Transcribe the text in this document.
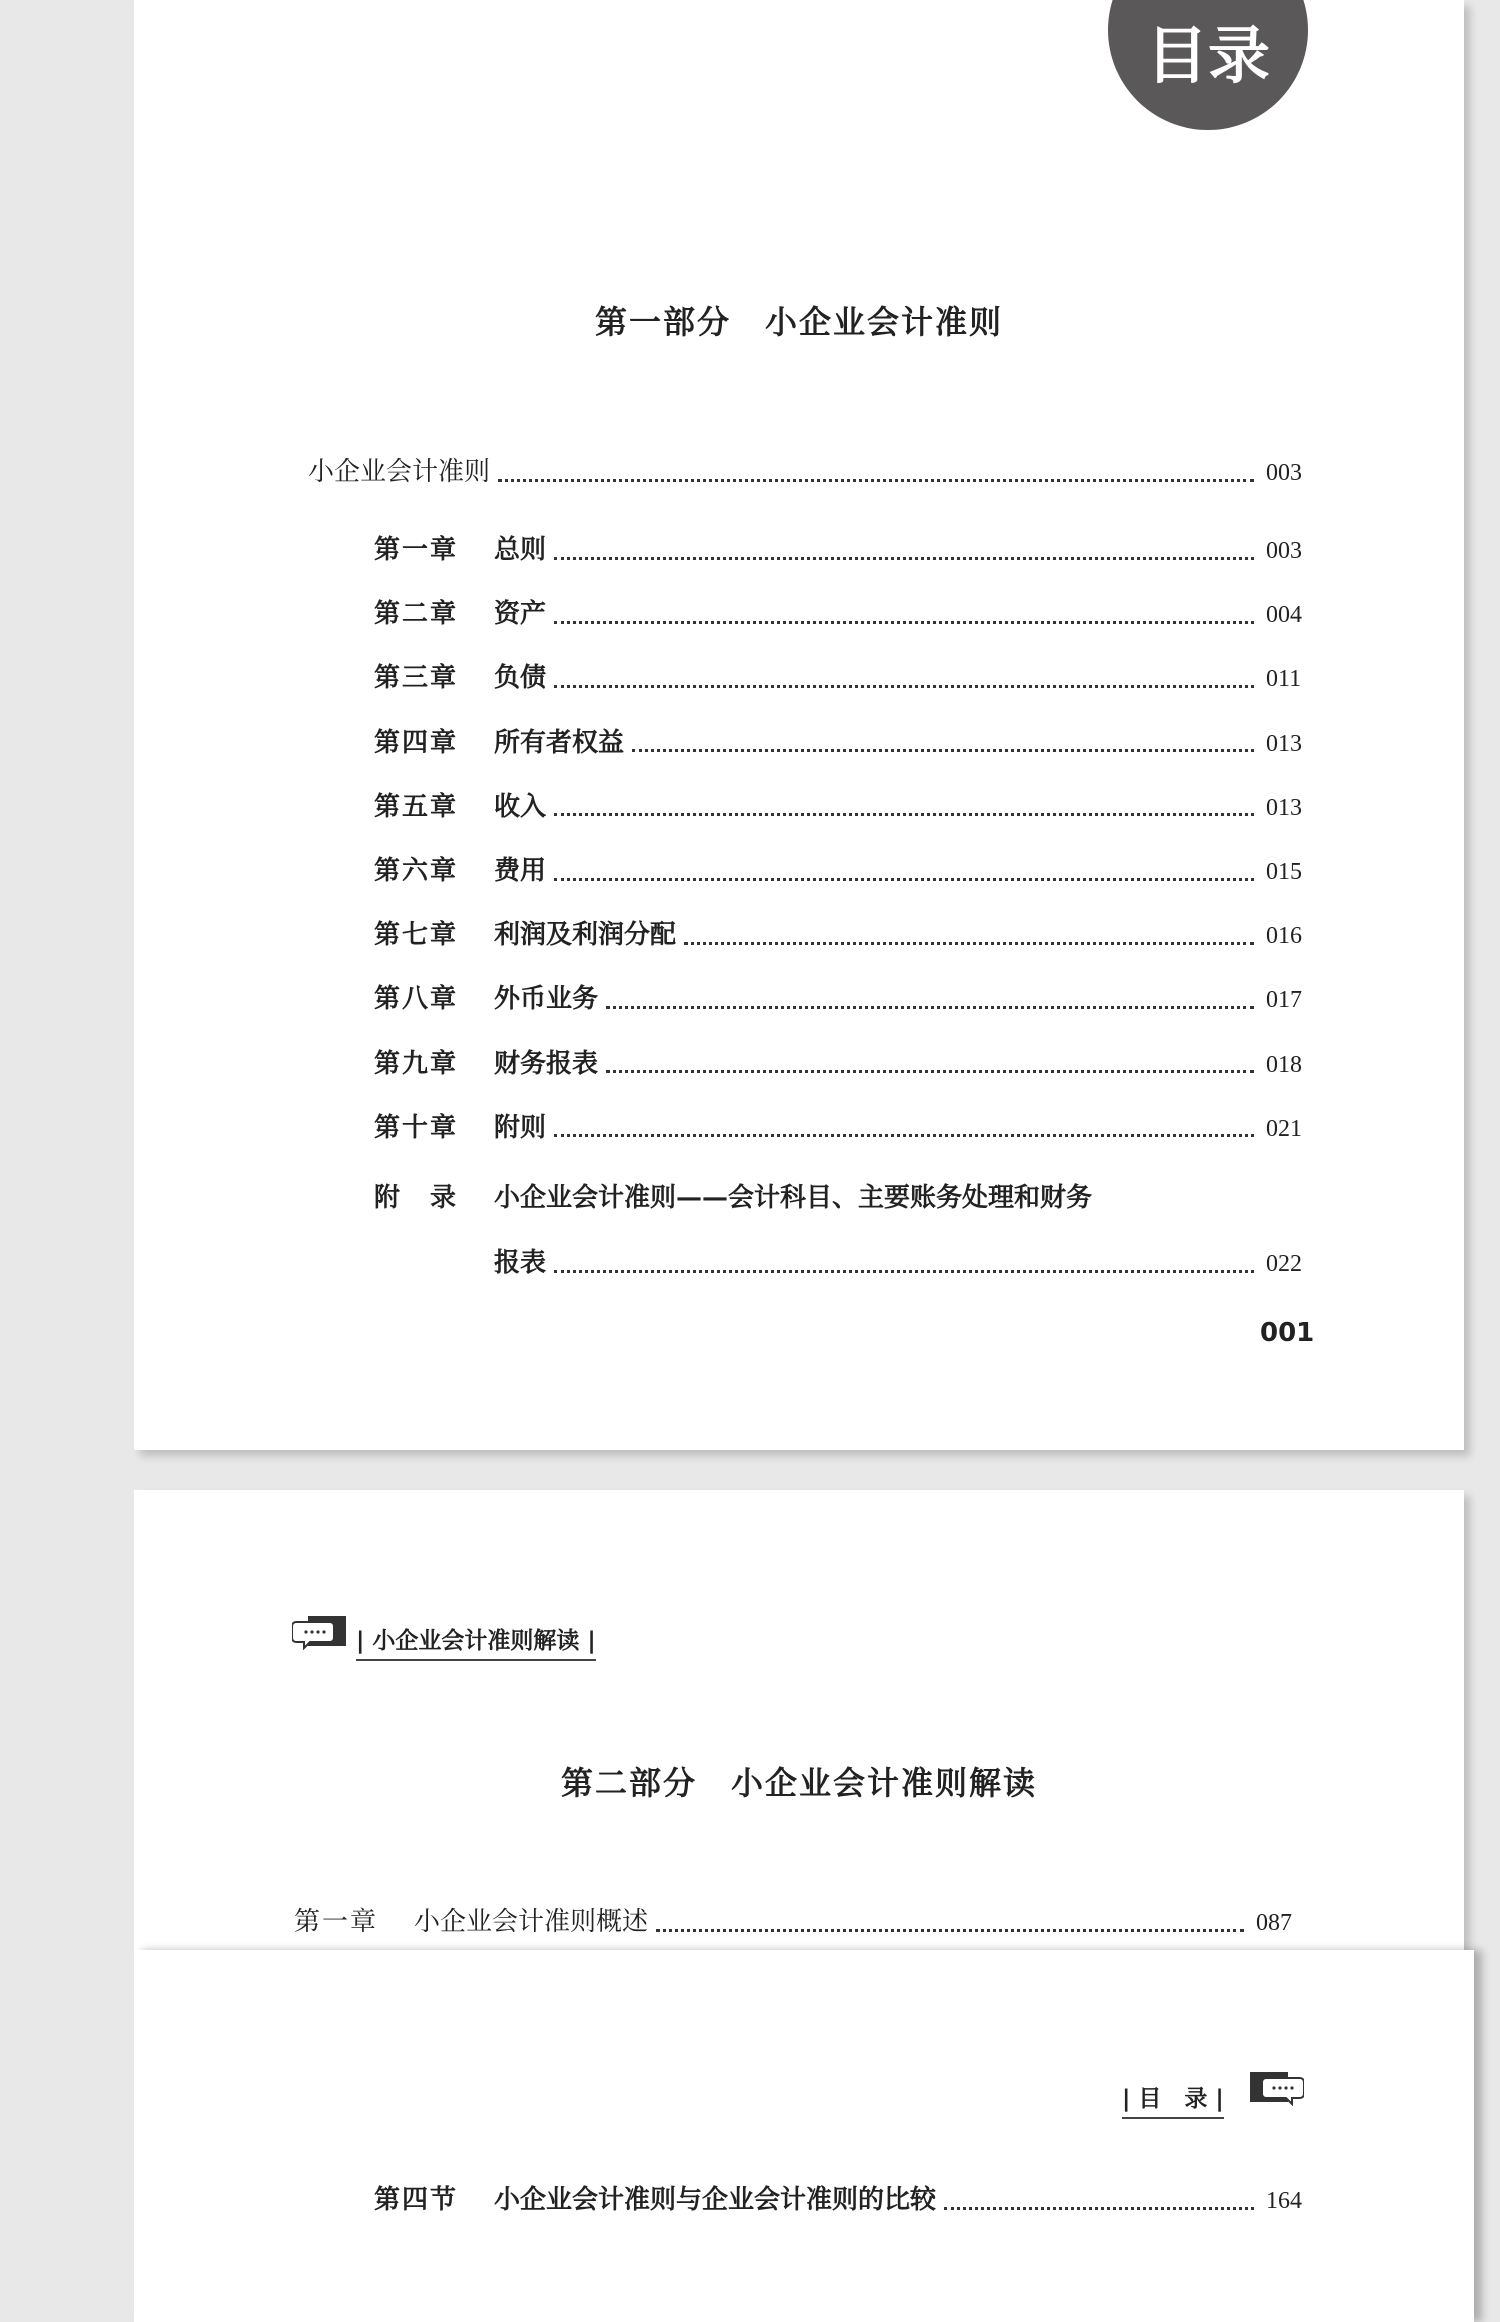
目录
第一部分　小企业会计准则
小企业会计准则	003
第一章	总则	003
第二章	资产	004
第三章	负债	011
第四章	所有者权益	013
第五章	收入	013
第六章	费用	015
第七章	利润及利润分配	016
第八章	外币业务	017
第九章	财务报表	018
第十章	附则	021
附　录	小企业会计准则——会计科目、主要账务处理和财务
报表	022
001
| 小企业会计准则解读 |
第二部分　小企业会计准则解读
第一章	小企业会计准则概述	087
| 目　录 |
第四节	小企业会计准则与企业会计准则的比较	164
